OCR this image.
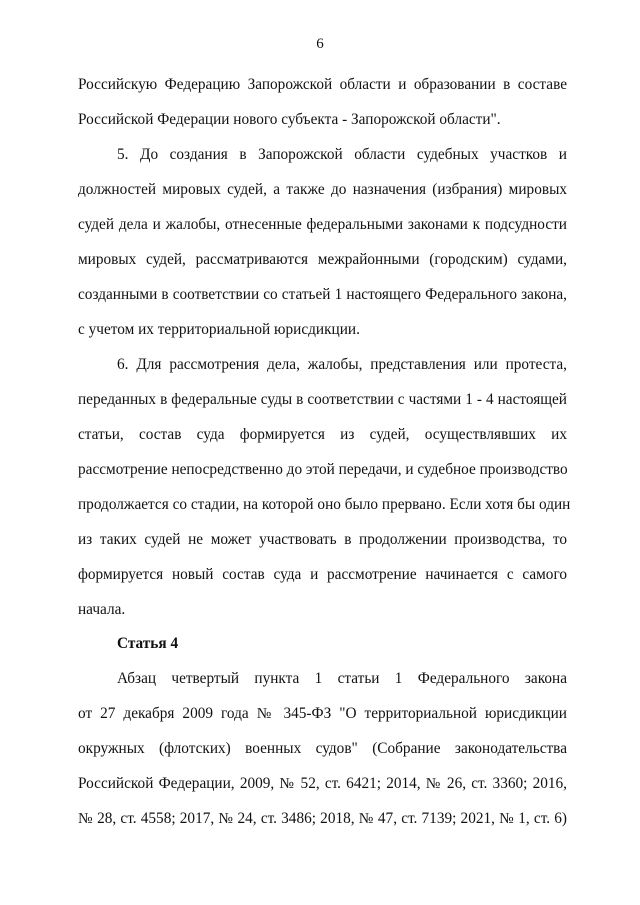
6
Российскую Федерацию Запорожской области и образовании в составе
Российской Федерации нового субъекта - Запорожской области".
5. До создания в Запорожской области судебных участков и
должностей мировых судей, а также до назначения (избрания) мировых
судей дела и жалобы, отнесенные федеральными законами к подсудности
мировых судей, рассматриваются межрайонными (городским) судами,
созданными в соответствии со статьей 1 настоящего Федерального закона,
с учетом их территориальной юрисдикции.
6. Для рассмотрения дела, жалобы, представления или протеста,
переданных в федеральные суды в соответствии с частями 1 - 4 настоящей
статьи, состав суда формируется из судей, осуществлявших их
рассмотрение непосредственно до этой передачи, и судебное производство
продолжается со стадии, на которой оно было прервано. Если хотя бы один
из таких судей не может участвовать в продолжении производства, то
формируется новый состав суда и рассмотрение начинается с самого
начала.
Статья 4
Абзац четвертый пункта 1 статьи 1 Федерального закона
от 27 декабря 2009 года № 345-ФЗ "О территориальной юрисдикции
окружных (флотских) военных судов" (Собрание законодательства
Российской Федерации, 2009, № 52, ст. 6421; 2014, № 26, ст. 3360; 2016,
№ 28, ст. 4558; 2017, № 24, ст. 3486; 2018, № 47, ст. 7139; 2021, № 1, ст. 6)
